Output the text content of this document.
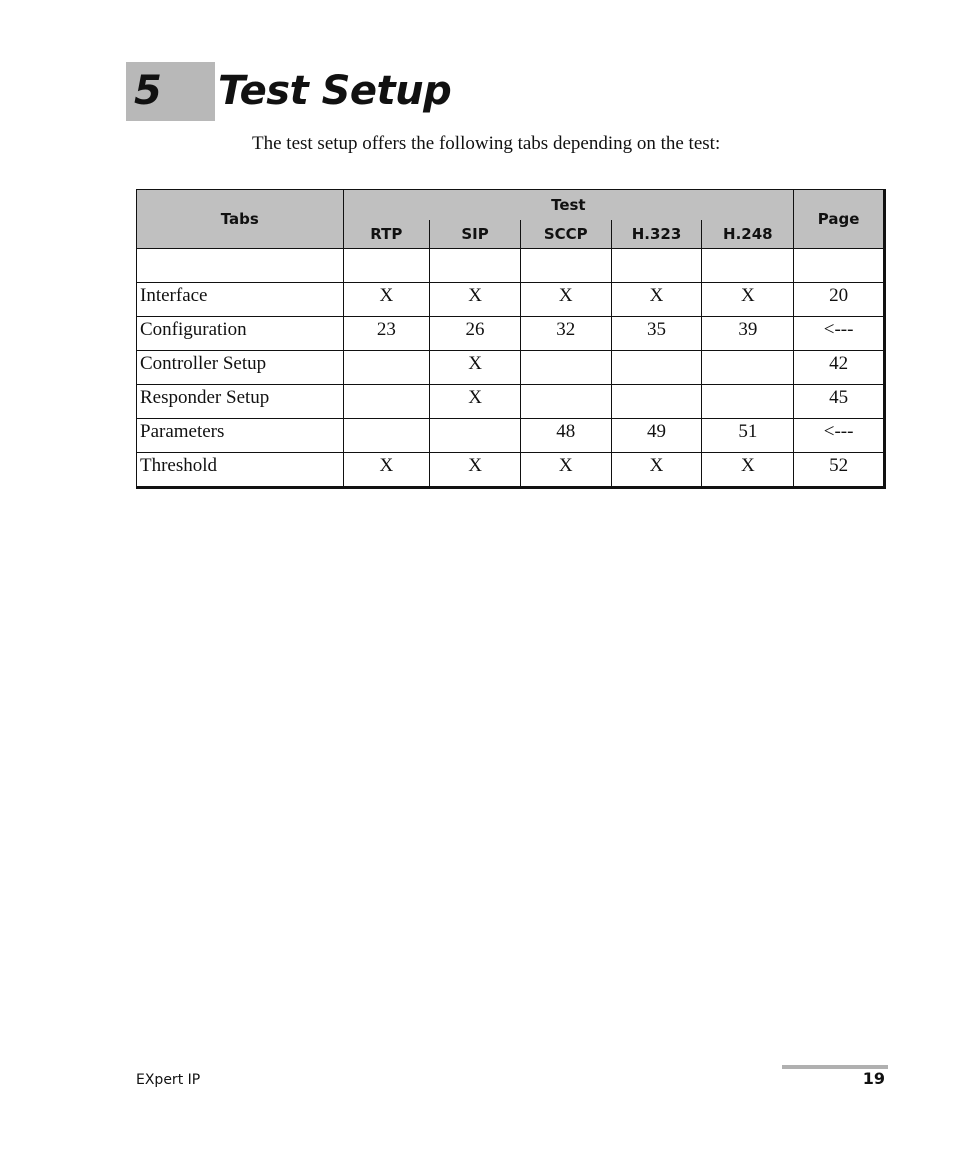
5 Test Setup
The test setup offers the following tabs depending on the test:
Tabs	Test					Page
	RTP	SIP	SCCP	H.323	H.248	

Interface	X	X	X	X	X	20
Configuration	23	26	32	35	39	<---
Controller Setup		X				42
Responder Setup		X				45
Parameters			48	49	51	<---
Threshold	X	X	X	X	X	52
EXpert IP	19
